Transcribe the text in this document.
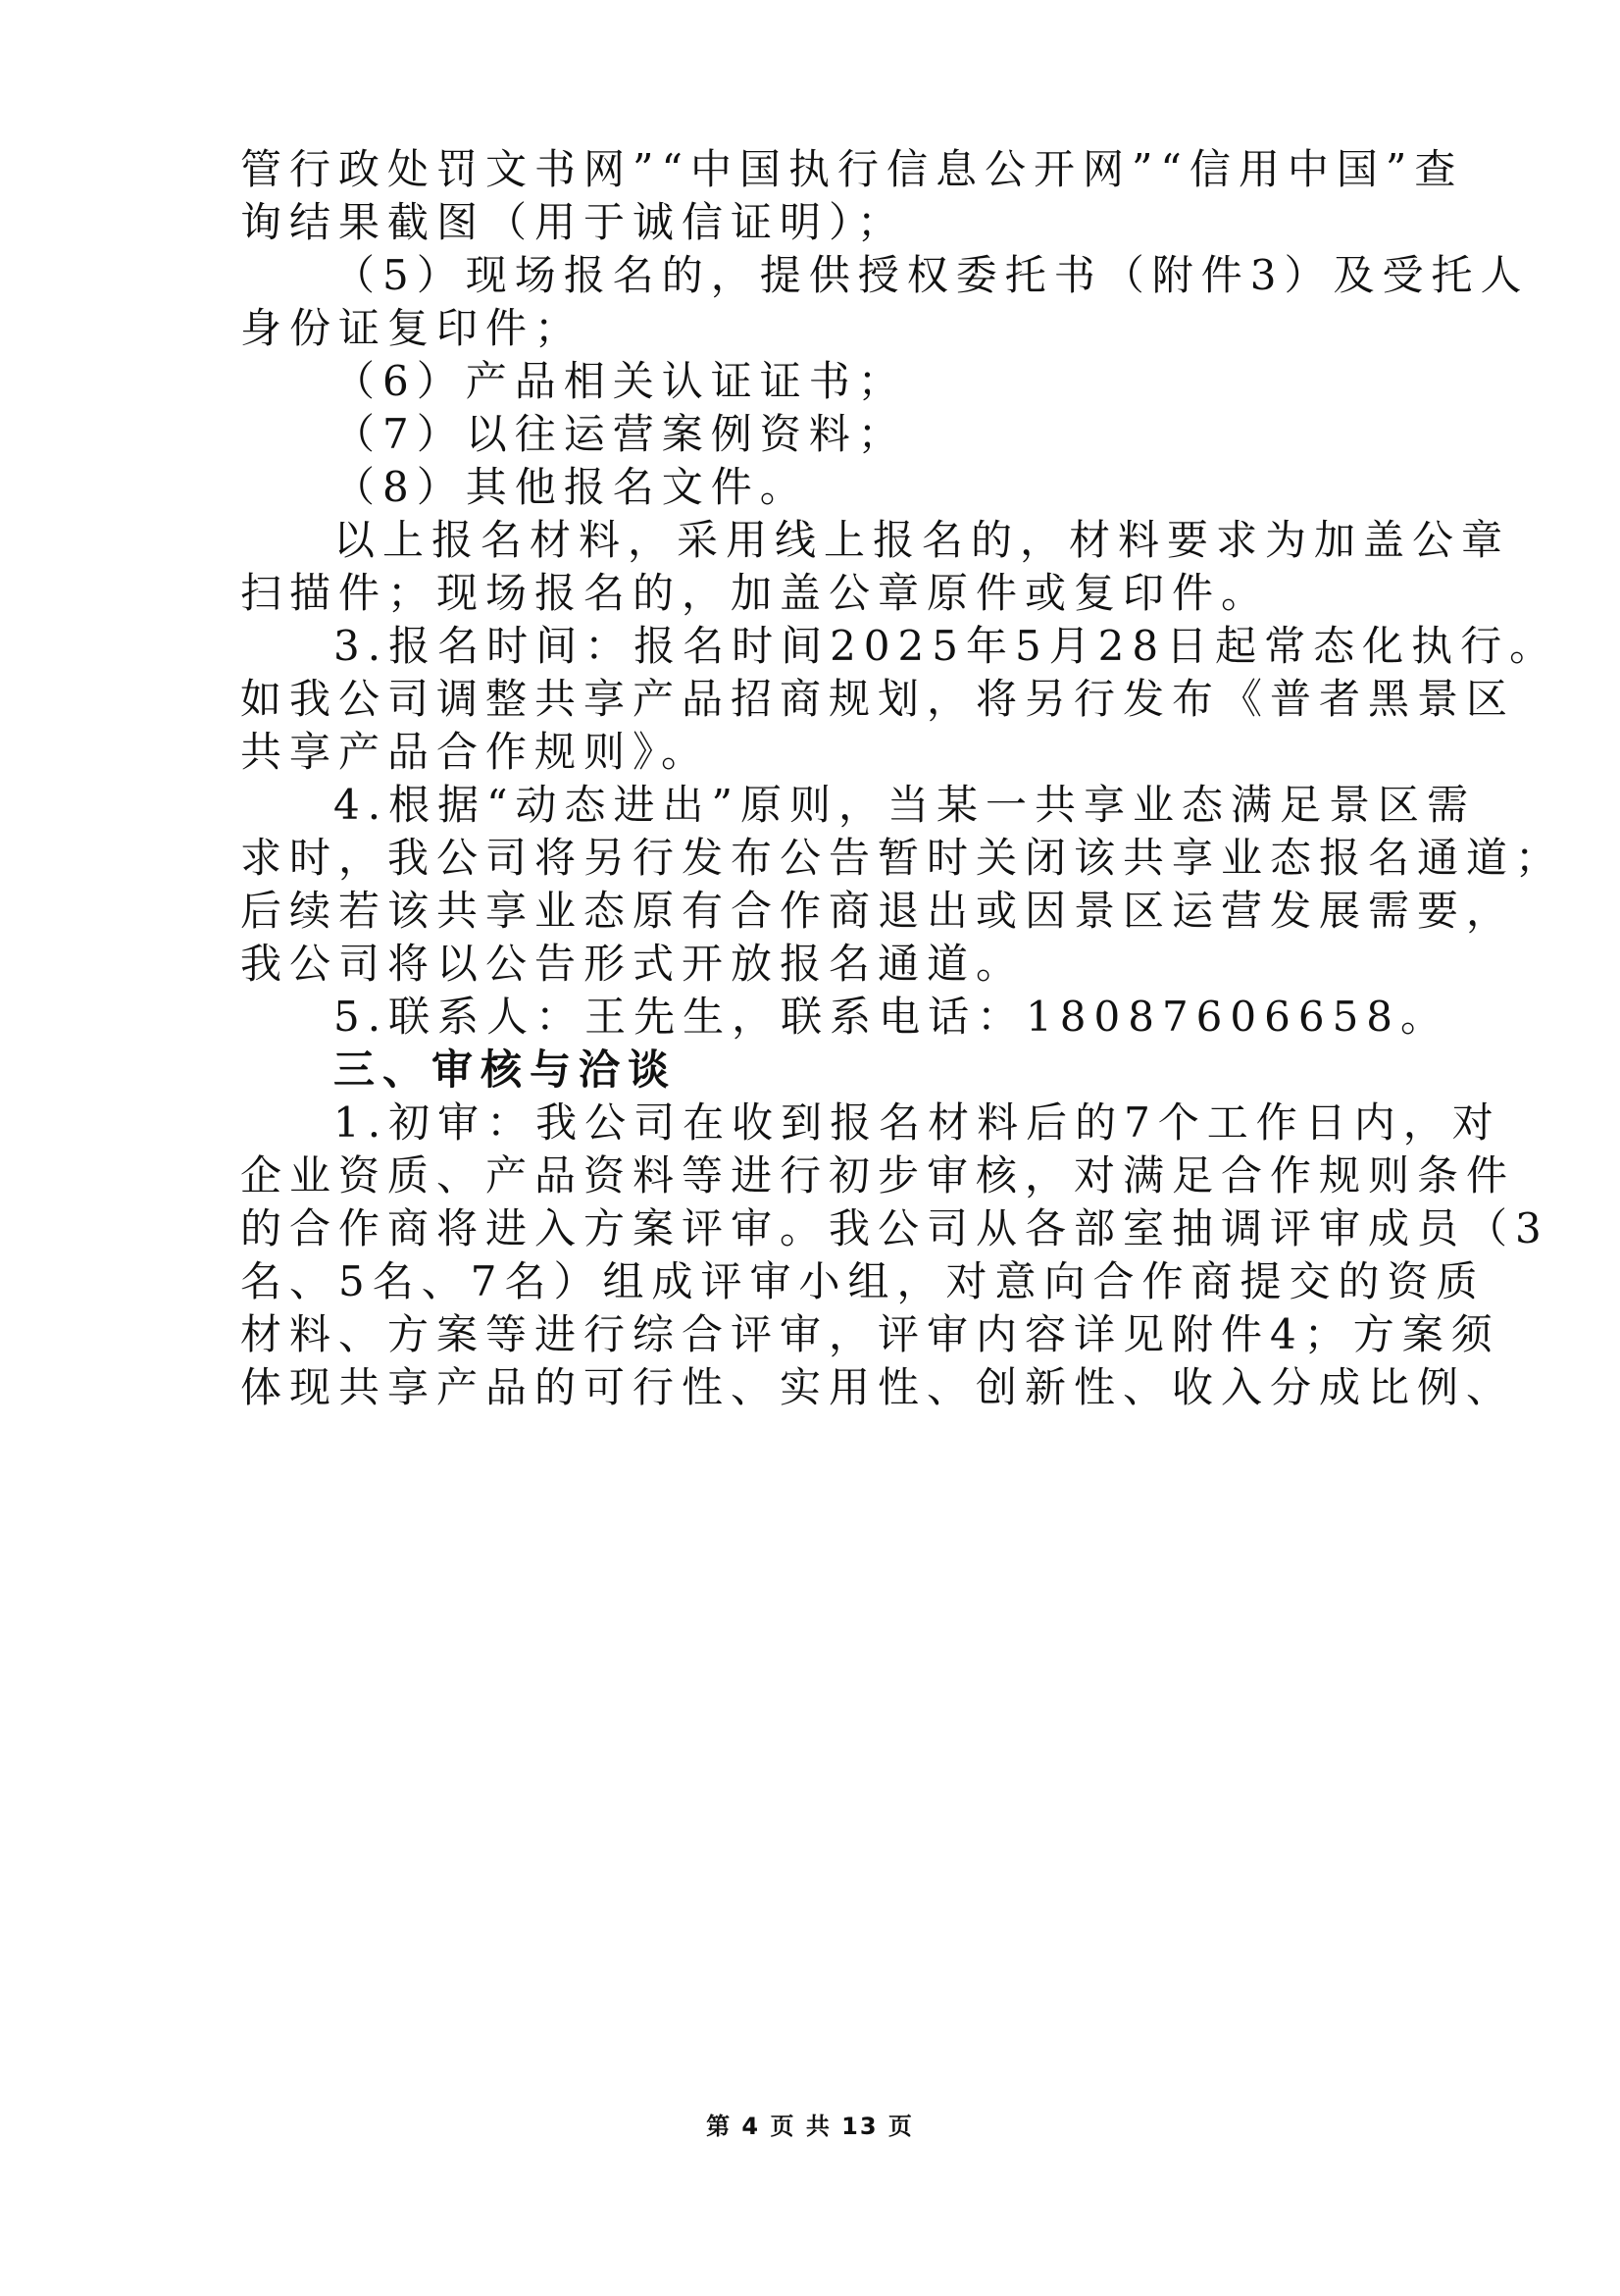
管行政处罚文书网”“中国执行信息公开网”“信用中国”查
询结果截图（用于诚信证明）；
（5）现场报名的，提供授权委托书（附件3）及受托人
身份证复印件；
（6）产品相关认证证书；
（7）以往运营案例资料；
（8）其他报名文件。
以上报名材料，采用线上报名的，材料要求为加盖公章
扫描件；现场报名的，加盖公章原件或复印件。
3.报名时间：报名时间2025年5月28日起常态化执行。
如我公司调整共享产品招商规划，将另行发布《普者黑景区
共享产品合作规则》。
4.根据“动态进出”原则，当某一共享业态满足景区需
求时，我公司将另行发布公告暂时关闭该共享业态报名通道；
后续若该共享业态原有合作商退出或因景区运营发展需要，
我公司将以公告形式开放报名通道。
5.联系人：王先生，联系电话：18087606658。
三、审核与洽谈
1.初审：我公司在收到报名材料后的7个工作日内，对
企业资质、产品资料等进行初步审核，对满足合作规则条件
的合作商将进入方案评审。我公司从各部室抽调评审成员（3
名、5名、7名）组成评审小组，对意向合作商提交的资质
材料、方案等进行综合评审，评审内容详见附件4；方案须
体现共享产品的可行性、实用性、创新性、收入分成比例、
第 4 页 共 13 页
